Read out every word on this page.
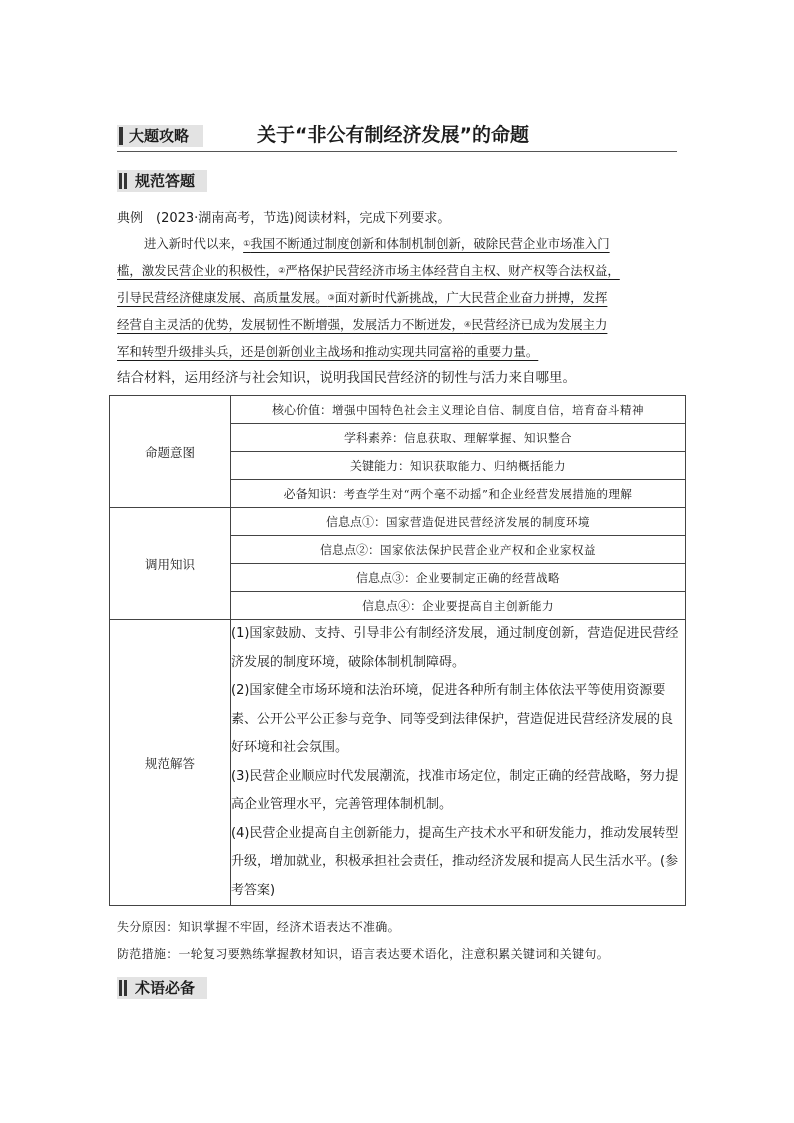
大题攻略	关于“非公有制经济发展”的命题
规范答题
典例　(2023·湖南高考，节选)阅读材料，完成下列要求。
进入新时代以来，①我国不断通过制度创新和体制机制创新，破除民营企业市场准入门
槛，激发民营企业的积极性，②严格保护民营经济市场主体经营自主权、财产权等合法权益，
引导民营经济健康发展、高质量发展。③面对新时代新挑战，广大民营企业奋力拼搏，发挥
经营自主灵活的优势，发展韧性不断增强，发展活力不断迸发，④民营经济已成为发展主力
军和转型升级排头兵，还是创新创业主战场和推动实现共同富裕的重要力量。
结合材料，运用经济与社会知识，说明我国民营经济的韧性与活力来自哪里。
命题意图	核心价值：增强中国特色社会主义理论自信、制度自信，培育奋斗精神
	学科素养：信息获取、理解掌握、知识整合
	关键能力：知识获取能力、归纳概括能力
	必备知识：考查学生对“两个毫不动摇”和企业经营发展措施的理解
调用知识	信息点①：国家营造促进民营经济发展的制度环境
	信息点②：国家依法保护民营企业产权和企业家权益
	信息点③：企业要制定正确的经营战略
	信息点④：企业要提高自主创新能力
规范解答	(1)国家鼓励、支持、引导非公有制经济发展，通过制度创新，营造促进民营经济发展的制度环境，破除体制机制障碍。

(2)国家健全市场环境和法治环境，促进各种所有制主体依法平等使用资源要素、公开公平公正参与竞争、同等受到法律保护，营造促进民营经济发展的良好环境和社会氛围。

(3)民营企业顺应时代发展潮流，找准市场定位，制定正确的经营战略，努力提高企业管理水平，完善管理体制机制。

(4)民营企业提高自主创新能力，提高生产技术水平和研发能力，推动发展转型升级，增加就业，积极承担社会责任，推动经济发展和提高人民生活水平。(参考答案)

失分原因：知识掌握不牢固，经济术语表达不准确。
防范措施：一轮复习要熟练掌握教材知识，语言表达要术语化，注意积累关键词和关键句。
术语必备
